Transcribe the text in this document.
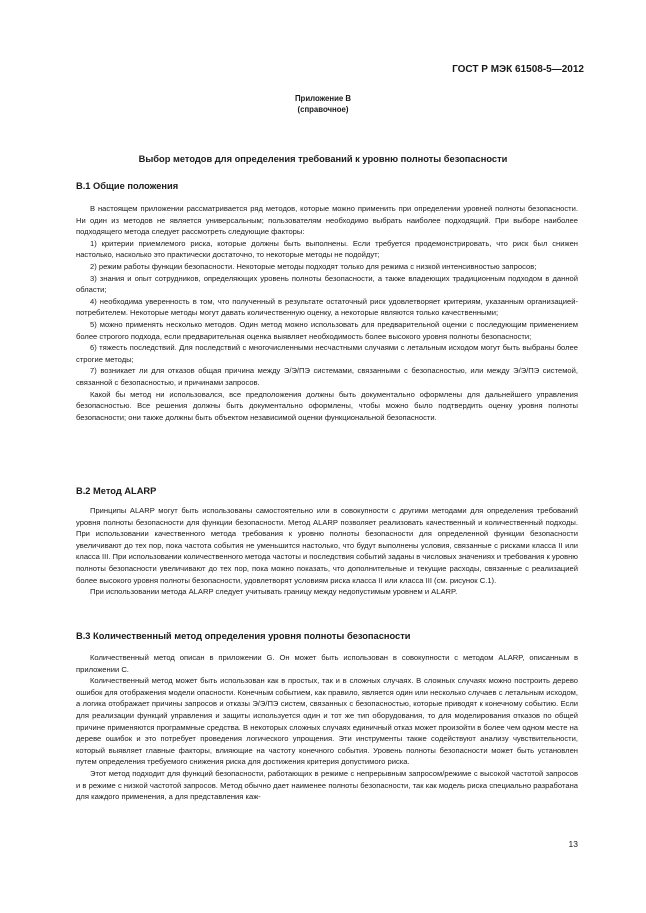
ГОСТ Р МЭК 61508-5—2012
Приложение В
(справочное)
Выбор методов для определения требований к уровню полноты безопасности
В.1 Общие положения

В настоящем приложении рассматривается ряд методов, которые можно применить при определении уровней полноты безопасности. Ни один из методов не является универсальным; пользователям необходимо выбрать наиболее подходящий. При выборе наиболее подходящего метода следует рассмотреть следующие факторы:

1) критерии приемлемого риска, которые должны быть выполнены. Если требуется продемонстрировать, что риск был снижен настолько, насколько это практически достаточно, то некоторые методы не подойдут;

2) режим работы функции безопасности. Некоторые методы подходят только для режима с низкой интенсивностью запросов;

3) знания и опыт сотрудников, определяющих уровень полноты безопасности, а также владеющих традиционным подходом в данной области;

4) необходима уверенность в том, что полученный в результате остаточный риск удовлетворяет критериям, указанным организацией-потребителем. Некоторые методы могут давать количественную оценку, а некоторые являются только качественными;

5) можно применять несколько методов. Один метод можно использовать для предварительной оценки с последующим применением более строгого подхода, если предварительная оценка выявляет необходимость более высокого уровня полноты безопасности;

6) тяжесть последствий. Для последствий с многочисленными несчастными случаями с летальным исходом могут быть выбраны более строгие методы;

7) возникает ли для отказов общая причина между Э/Э/ПЭ системами, связанными с безопасностью, или между Э/Э/ПЭ системой, связанной с безопасностью, и причинами запросов.

Какой бы метод ни использовался, все предположения должны быть документально оформлены для дальнейшего управления безопасностью. Все решения должны быть документально оформлены, чтобы можно было подтвердить оценку уровня полноты безопасности; они также должны быть объектом независимой оценки функциональной безопасности.

В.2 Метод ALARP

Принципы ALARP могут быть использованы самостоятельно или в совокупности с другими методами для определения требований уровня полноты безопасности для функции безопасности. Метод ALARP позволяет реализовать качественный и количественный подходы. При использовании качественного метода требования к уровню полноты безопасности для определенной функции безопасности увеличивают до тех пор, пока частота события не уменьшится настолько, что будут выполнены условия, связанные с рисками класса II или класса III. При использовании количественного метода частоты и последствия событий заданы в числовых значениях и требования к уровню полноты безопасности увеличивают до тех пор, пока можно показать, что дополнительные и текущие расходы, связанные с реализацией более высокого уровня полноты безопасности, удовлетворят условиям риска класса II или класса III (см. рисунок С.1).

При использовании метода ALARP следует учитывать границу между недопустимым уровнем и ALARP.

В.3 Количественный метод определения уровня полноты безопасности

Количественный метод описан в приложении G. Он может быть использован в совокупности с методом ALARP, описанным в приложении С.

Количественный метод может быть использован как в простых, так и в сложных случаях. В сложных случаях можно построить дерево ошибок для отображения модели опасности. Конечным событием, как правило, является один или несколько случаев с летальным исходом, а логика отображает причины запросов и отказы Э/Э/ПЭ систем, связанных с безопасностью, которые приводят к конечному событию. Если для реализации функций управления и защиты используется один и тот же тип оборудования, то для моделирования отказов по общей причине применяются программные средства. В некоторых сложных случаях единичный отказ может произойти в более чем одном месте на дереве ошибок и это потребует проведения логического упрощения. Эти инструменты также содействуют анализу чувствительности, который выявляет главные факторы, влияющие на частоту конечного события. Уровень полноты безопасности может быть установлен путем определения требуемого снижения риска для достижения критерия допустимого риска.

Этот метод подходит для функций безопасности, работающих в режиме с непрерывным запросом/режиме с высокой частотой запросов и в режиме с низкой частотой запросов. Метод обычно дает наименее полноты безопасности, так как модель риска специально разработана для каждого применения, а для представления каж-

13
